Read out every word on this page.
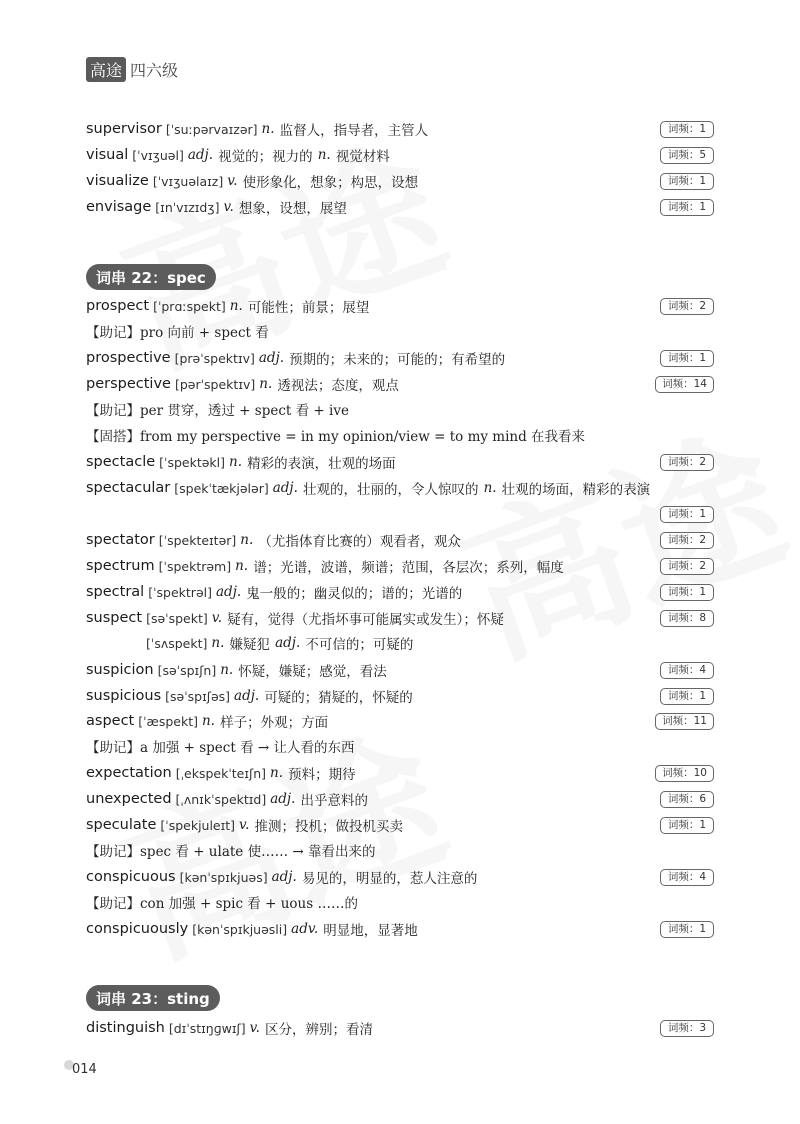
高途 四六级
supervisor [ˈsuːpərvaɪzər] n.
监督人，指导者，主管人	词频：1
visual [ˈvɪʒuəl] adj.
视觉的；视力的
n.
视觉材料	词频：5
visualize [ˈvɪʒuəlaɪz] v.
使形象化，想象；构思，设想	词频：1
envisage [ɪnˈvɪzɪdʒ] v.
想象，设想，展望	词频：1
词串 22：spec
prospect [ˈprɑːspekt] n.
可能性；前景；展望	词频：2
【助记】pro 向前 + spect 看
prospective [prəˈspektɪv] adj.
预期的；未来的；可能的；有希望的	词频：1
perspective [pərˈspektɪv] n.
透视法；态度，观点	词频：14
【助记】per 贯穿，透过 + spect 看 + ive
【固搭】from my perspective = in my opinion/view = to my mind 在我看来
spectacle [ˈspektəkl] n.
精彩的表演，壮观的场面	词频：2
spectacular [spekˈtækjələr] adj.
壮观的，壮丽的，令人惊叹的
n.
壮观的场面，精彩的表演
词频：1
spectator [ˈspekteɪtər] n.
（尤指体育比赛的）观看者，观众	词频：2
spectrum [ˈspektrəm] n.
谱；光谱，波谱，频谱；范围，各层次；系列，幅度	词频：2
spectral [ˈspektrəl] adj.
鬼一般的；幽灵似的；谱的；光谱的	词频：1
suspect [səˈspekt] v.
疑有，觉得（尤指坏事可能属实或发生）；怀疑	词频：8
[ˈsʌspekt] n.
嫌疑犯
adj.
不可信的；可疑的
suspicion [səˈspɪʃn] n.
怀疑，嫌疑；感觉，看法	词频：4
suspicious [səˈspɪʃəs] adj.
可疑的；猜疑的，怀疑的	词频：1
aspect [ˈæspekt] n.
样子；外观；方面	词频：11
【助记】a 加强 + spect 看 → 让人看的东西
expectation [ˌekspekˈteɪʃn] n.
预料；期待	词频：10
unexpected [ˌʌnɪkˈspektɪd] adj.
出乎意料的	词频：6
speculate [ˈspekjuleɪt] v.
推测；投机；做投机买卖	词频：1
【助记】spec 看 + ulate 使…… → 靠看出来的
conspicuous [kənˈspɪkjuəs] adj.
易见的，明显的，惹人注意的	词频：4
【助记】con 加强 + spic 看 + uous ……的
conspicuously [kənˈspɪkjuəsli] adv.
明显地，显著地	词频：1
词串 23：sting
distinguish [dɪˈstɪŋɡwɪʃ] v.
区分，辨别；看清	词频：3
014
